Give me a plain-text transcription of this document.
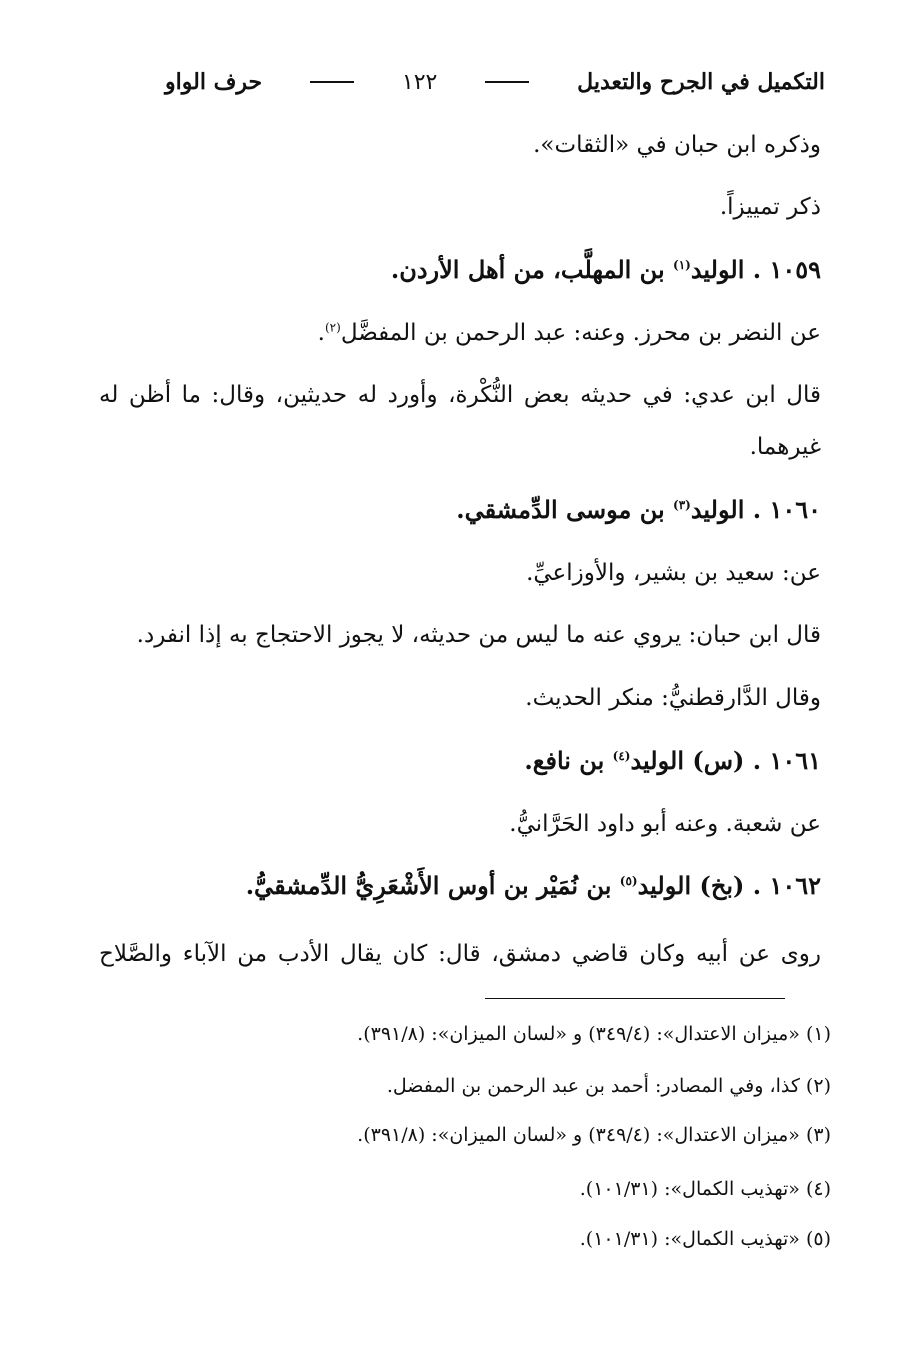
التكميل في الجرح والتعديل
١٢٢
حرف الواو
وذكره ابن حبان في «الثقات».
ذكر تمييزاً.
١٠٥٩ . الوليد$^{(١)}$ بن المهلَّب، من أهل الأردن.
عن النضر بن محرز. وعنه: عبد الرحمن بن المفضَّل$^{(٢)}$.
قال ابن عدي: في حديثه بعض النُّكْرة، وأورد له حديثين، وقال: ما أظن له
غيرهما.
١٠٦٠ . الوليد$^{(٣)}$ بن موسى الدِّمشقي.
عن: سعيد بن بشير، والأوزاعيِّ.
قال ابن حبان: يروي عنه ما ليس من حديثه، لا يجوز الاحتجاج به إذا انفرد.
وقال الدَّارقطنيُّ: منكر الحديث.
١٠٦١ . (س) الوليد$^{(٤)}$ بن نافع.
عن شعبة. وعنه أبو داود الحَرَّانيُّ.
١٠٦٢ . (بخ) الوليد$^{(٥)}$ بن نُمَيْر بن أوس الأَشْعَرِيُّ الدِّمشقيُّ.
روى عن أبيه وكان قاضي دمشق، قال: كان يقال الأدب من الآباء والصَّلاح
(١) «ميزان الاعتدال»: (٣٤٩/٤) و «لسان الميزان»: (٣٩١/٨).
(٢) كذا، وفي المصادر: أحمد بن عبد الرحمن بن المفضل.
(٣) «ميزان الاعتدال»: (٣٤٩/٤) و «لسان الميزان»: (٣٩١/٨).
(٤) «تهذيب الكمال»: (١٠١/٣١).
(٥) «تهذيب الكمال»: (١٠١/٣١).
